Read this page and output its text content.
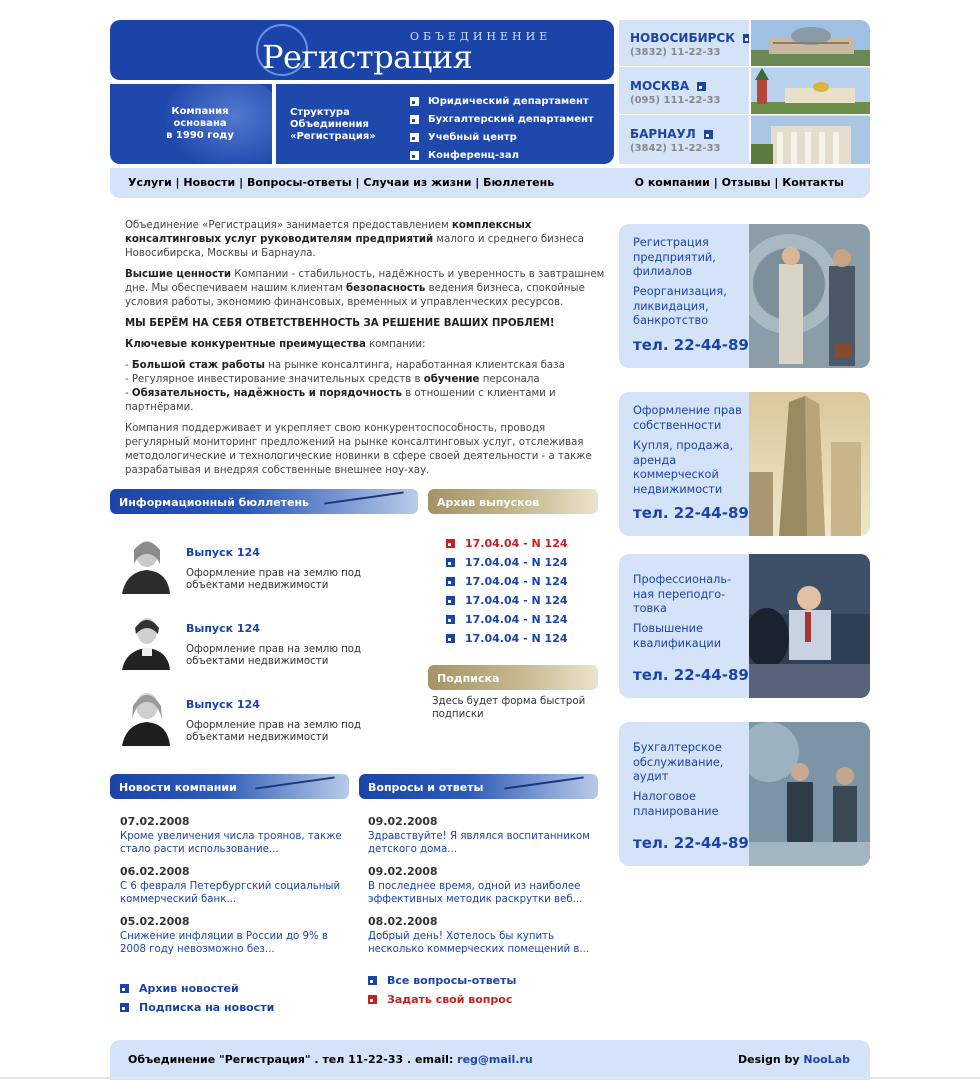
ОБЪЕДИНЕНИЕ
Регистрация
Компания
основана
в 1990 году
Структура
Объединения
«Регистрация»
Юридический департамент
Бухгалтерский департамент
Учебный центр
Конференц-зал
НОВОСИБИРСК
(3832) 11-22-33
МОСКВА
(095) 111-22-33
БАРНАУЛ
(3842) 11-22-33
Услуги | Новости | Вопросы-ответы | Случаи из жизни | Бюллетень	О компании | Отзывы | Контакты

Объединение «Регистрация» занимается предоставлением комплексных консалтинговых услуг руководителям предприятий малого и среднего бизнеса Новосибирска, Москвы и Барнаула.

Высшие ценности Компании - стабильность, надёжность и уверенность в завтрашнем дне. Мы обеспечиваем нашим клиентам безопасность ведения бизнеса, спокойные условия работы, экономию финансовых, временных и управленческих ресурсов.

МЫ БЕРЁМ НА СЕБЯ ОТВЕТСТВЕННОСТЬ ЗА РЕШЕНИЕ ВАШИХ ПРОБЛЕМ!

Ключевые конкурентные преимущества компании:

- Большой стаж работы на рынке консалтинга, наработанная клиентская база
- Регулярное инвестирование значительных средств в обучение персонала
- Обязательность, надёжность и порядочность в отношении с клиентами и партнёрами.

Компания поддерживает и укрепляет свою конкурентоспособность, проводя регулярный мониторинг предложений на рынке консалтинговых услуг, отслеживая методологические и технологические новинки в сфере своей деятельности - а также разрабатывая и внедряя собственные внешнее ноу-хау.

Информационный бюллетень
Выпуск 124
Оформление прав на землю под объектами недвижимости
Выпуск 124
Оформление прав на землю под объектами недвижимости
Выпуск 124
Оформление прав на землю под объектами недвижимости
Архив выпусков
17.04.04 - N 124
17.04.04 - N 124
17.04.04 - N 124
17.04.04 - N 124
17.04.04 - N 124
17.04.04 - N 124
Подписка
Здесь будет форма быстрой подписки
Новости компании
07.02.2008
Кроме увеличения числа троянов, также стало расти использование...
06.02.2008
С 6 февраля Петербургский социальный коммерческий банк...
05.02.2008
Снижение инфляции в России до 9% в 2008 году невозможно без...
Архив новостей
Подписка на новости
Вопросы и ответы
09.02.2008
Здравствуйте! Я являлся воспитанником детского дома...
09.02.2008
В последнее время, одной из наиболее эффективных методик раскрутки веб...
08.02.2008
Добрый день! Хотелось бы купить несколько коммерческих помещений в...
Все вопросы-ответы
Задать свой вопрос
Регистрация предприятий, филиалов
Реорганизация, ликвидация, банкротство
тел. 22-44-89
Оформление прав собственности
Купля, продажа, аренда коммерческой недвижимости
тел. 22-44-89
Профессиональ-ная переподго-товка
Повышение квалификации
тел. 22-44-89
Бухгалтерское обслуживание, аудит
Налоговое планирование
тел. 22-44-89
Объединение "Регистрация" . тел 11-22-33 . email: reg@mail.ru	Design by NooLab
